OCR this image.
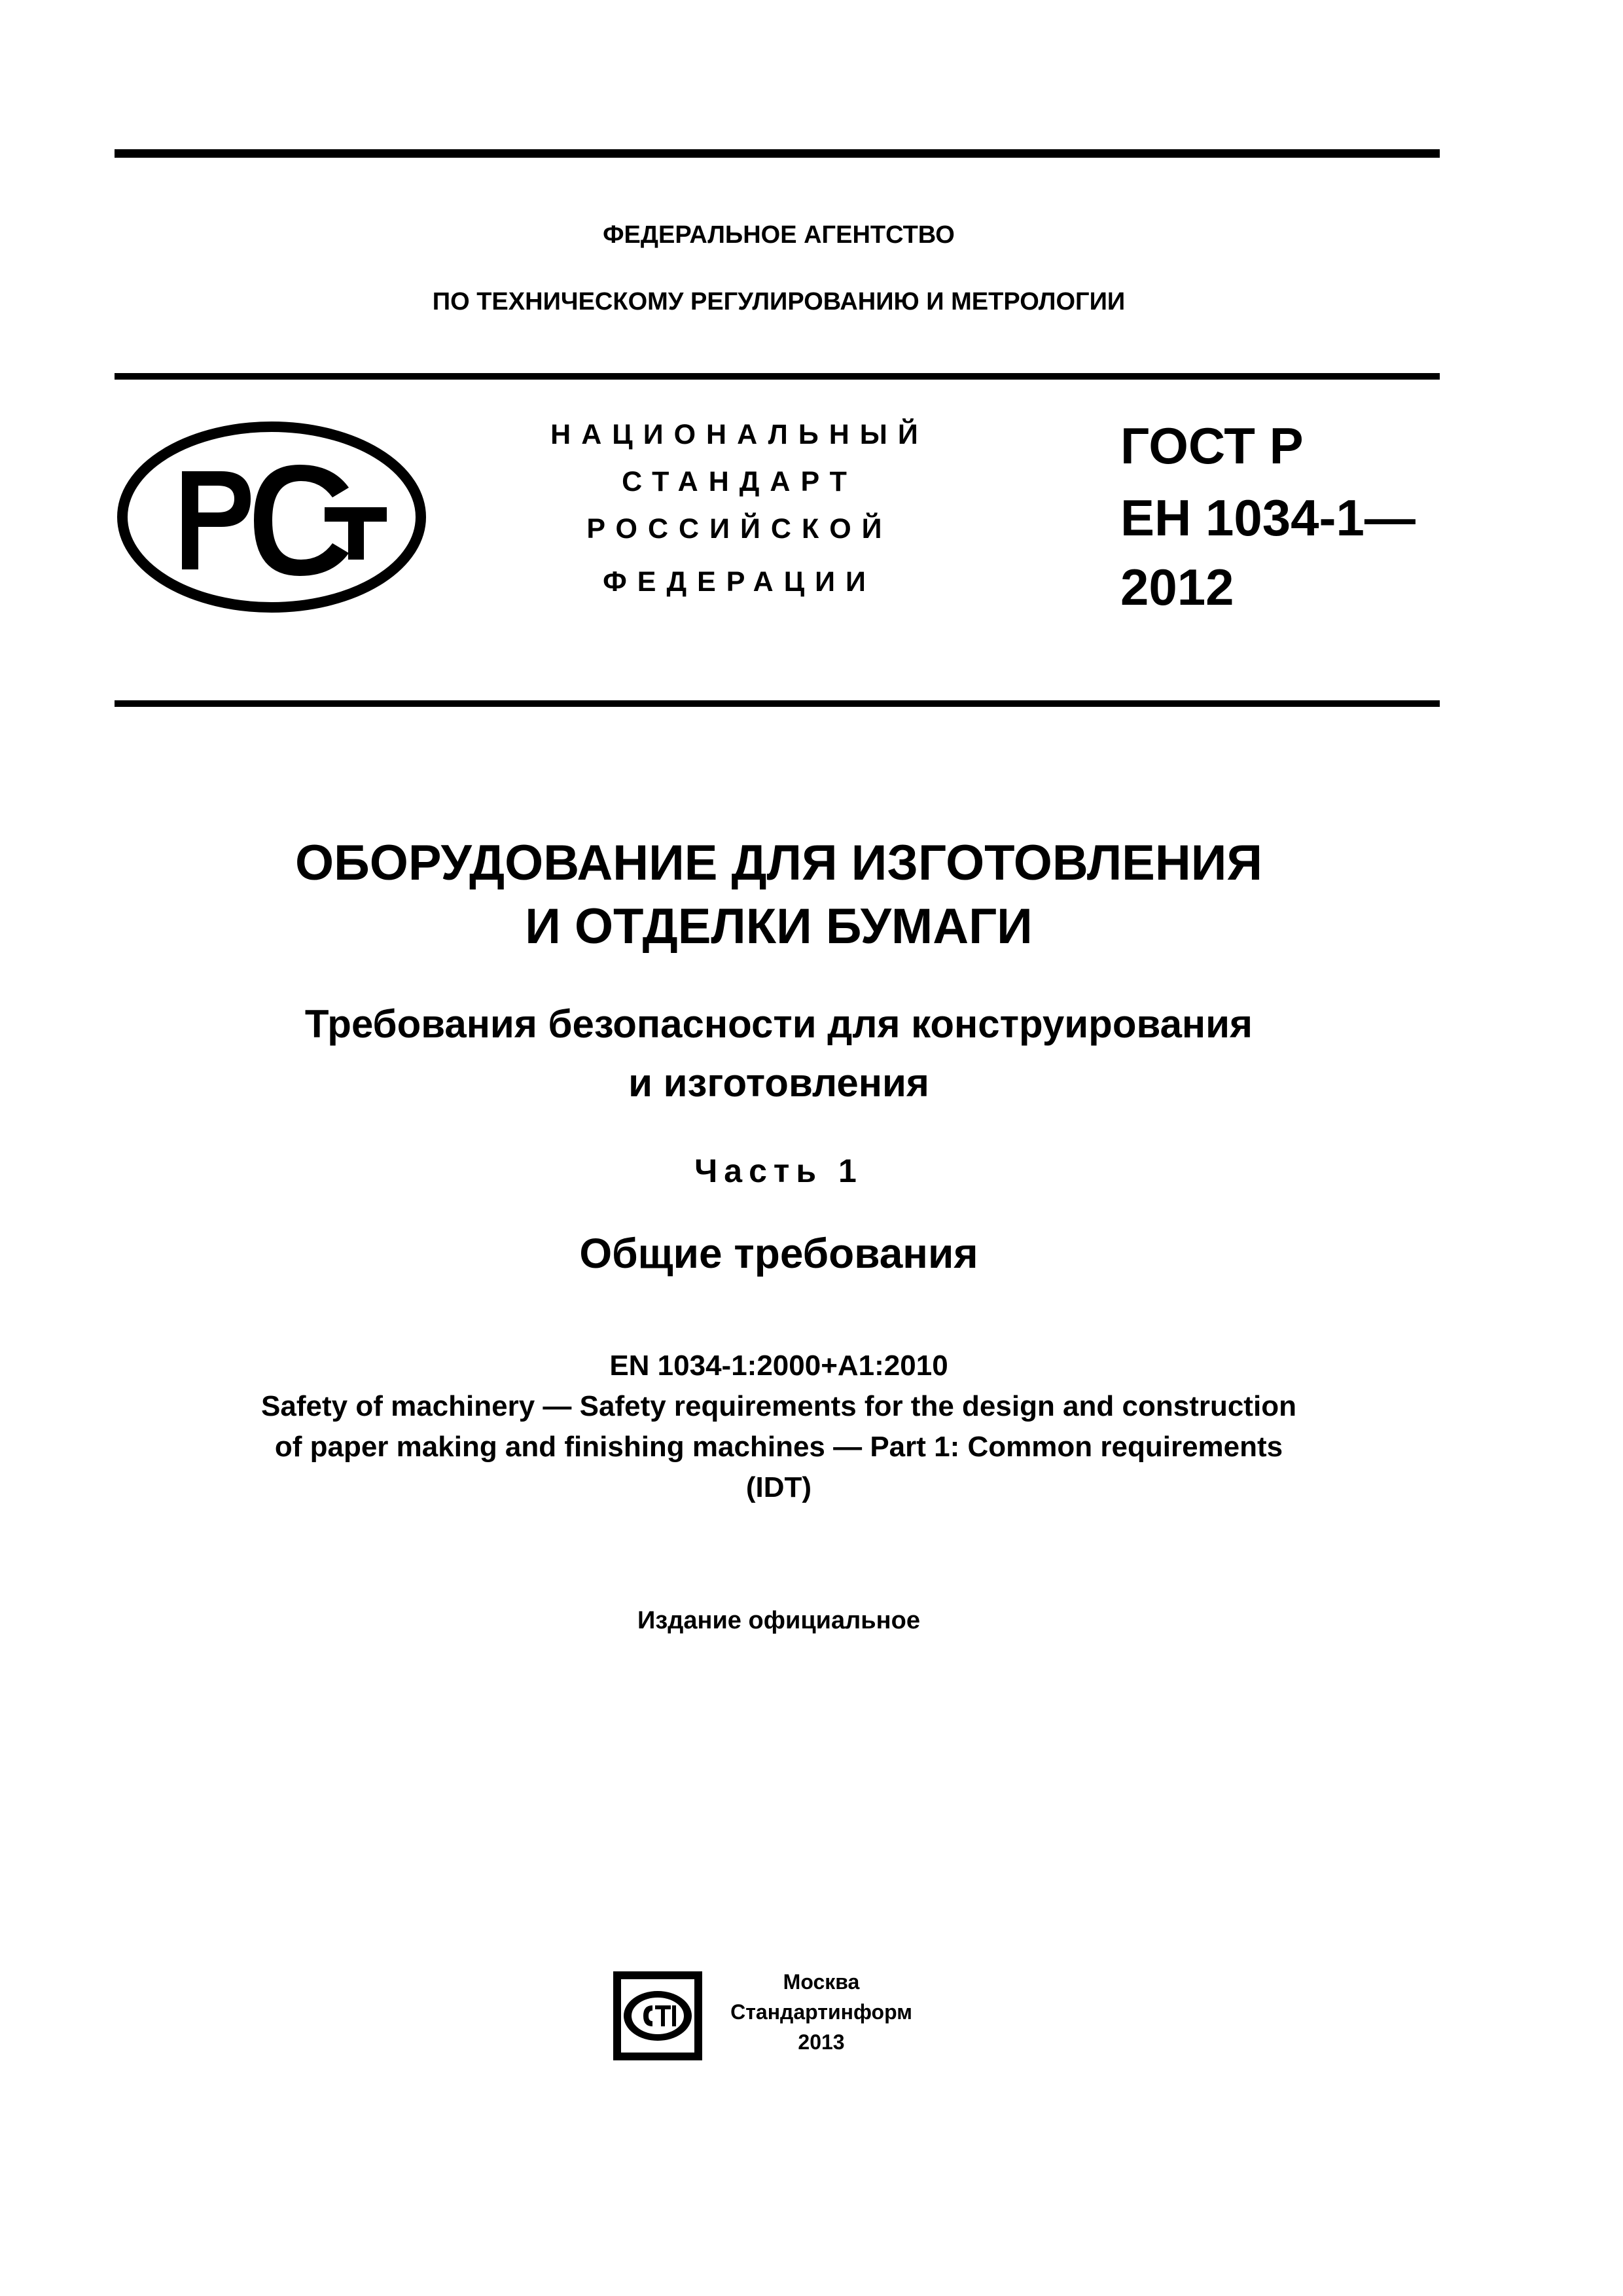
ФЕДЕРАЛЬНОЕ АГЕНТСТВО
ПО ТЕХНИЧЕСКОМУ РЕГУЛИРОВАНИЮ И МЕТРОЛОГИИ
НАЦИОНАЛЬНЫЙ
СТАНДАРТ
РОССИЙСКОЙ
ФЕДЕРАЦИИ
ГОСТ Р
ЕН 1034-1—
2012
ОБОРУДОВАНИЕ ДЛЯ ИЗГОТОВЛЕНИЯ
И ОТДЕЛКИ БУМАГИ
Требования безопасности для конструирования
и изготовления
Часть 1
Общие требования
EN 1034-1:2000+A1:2010
Safety of machinery — Safety requirements for the design and construction
of paper making and finishing machines — Part 1: Common requirements
(IDT)
Издание официальное
Москва
Стандартинформ
2013
